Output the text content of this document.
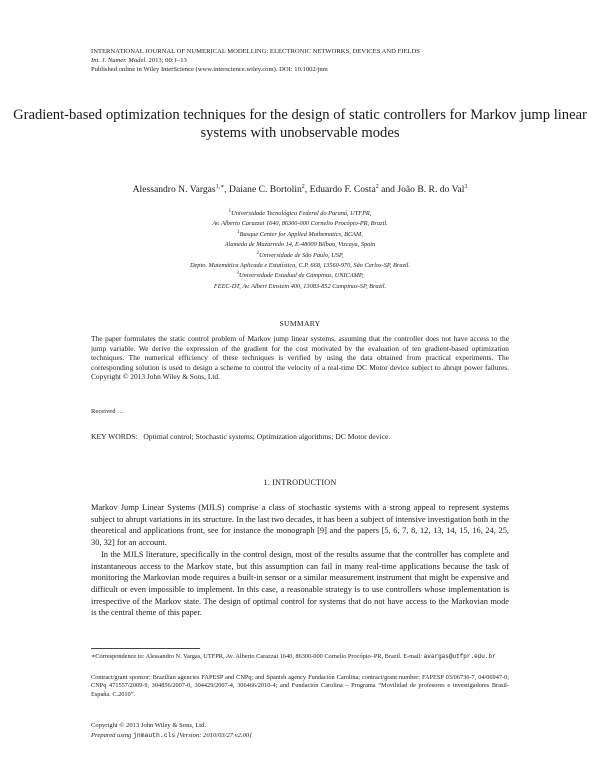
INTERNATIONAL JOURNAL OF NUMERICAL MODELLING: ELECTRONIC NETWORKS, DEVICES AND FIELDS
Int. J. Numer. Model. 2013; 00:1–13
Published online in Wiley InterScience (www.interscience.wiley.com). DOI: 10.1002/jnm
Gradient-based optimization techniques for the design of static controllers for Markov jump linear systems with unobservable modes
Alessandro N. Vargas$^{1,∗}$, Daiane C. Bortolin$^2$, Eduardo F. Costa$^2$ and João B. R. do Val$^3$
$^1$Universidade Tecnológica Federal do Paraná, UTFPR,
Av. Alberto Carazzai 1640, 86300-000 Cornelio Procópio-PR, Brazil.
$^1$Basque Center for Applied Mathematics, BCAM,
Alameda de Mazarredo 14, E-48009 Bilbao, Vizcaya, Spain
$^2$Universidade de São Paulo, USP,
Depto. Matemática Aplicada e Estatística, C.P. 668, 13560-970, São Carlos-SP, Brazil.
$^3$Universidade Estadual de Campinas, UNICAMP,
FEEC-DT, Av. Albert Einstein 400, 13083-852 Campinas-SP, Brazil.
SUMMARY
The paper formulates the static control problem of Markov jump linear systems, assuming that the controller does not have access to the jump variable. We derive the expression of the gradient for the cost motivated by the evaluation of ten gradient-based optimization techniques. The numerical efficiency of these techniques is verified by using the data obtained from practical experiments. The corresponding solution is used to design a scheme to control the velocity of a real-time DC Motor device subject to abrupt power failures. Copyright © 2013 John Wiley & Sons, Ltd.
Received …
KEY WORDS: Optimal control; Stochastic systems; Optimization algorithms; DC Motor device.
1. INTRODUCTION

Markov Jump Linear Systems (MJLS) comprise a class of stochastic systems with a strong appeal to represent systems subject to abrupt variations in its structure. In the last two decades, it has been a subject of intensive investigation both in the theoretical and applications front, see for instance the monograph [9] and the papers [5, 6, 7, 8, 12, 13, 14, 15, 16, 24, 25, 30, 32] for an account.

In the MJLS literature, specifically in the control design, most of the results assume that the controller has complete and instantaneous access to the Markov state, but this assumption can fail in many real-time applications because the task of monitoring the Markovian mode requires a built-in sensor or a similar measurement instrument that might be expensive and difficult or even impossible to implement. In this case, a reasonable strategy is to use controllers whose implementation is irrespective of the Markov state. The design of optimal control for systems that do not have access to the Markovian mode is the central theme of this paper.

∗Correspondence to: Alessandro N. Vargas, UTFPR, Av. Alberto Carazzai 1640, 86300-000 Cornelio Procópio–PR, Brazil. E-mail: avargas@utfpr.edu.br
Contract/grant sponsor: Brazilian agencies FAPESP and CNPq; and Spanish agency Fundación Carolina; contract/grant number: FAPESP 03/06736-7, 04/06947-0; CNPq 471557/2009-9, 304856/2007-0, 304429/2007-4, 306466/2010-4; and Fundación Carolina – Programa “Movilidad de profesores e investigadores Brasil-España. C.2010”.
Copyright © 2013 John Wiley & Sons, Ltd.
Prepared using jnmauth.cls [Version: 2010/03/27 v2.00]
